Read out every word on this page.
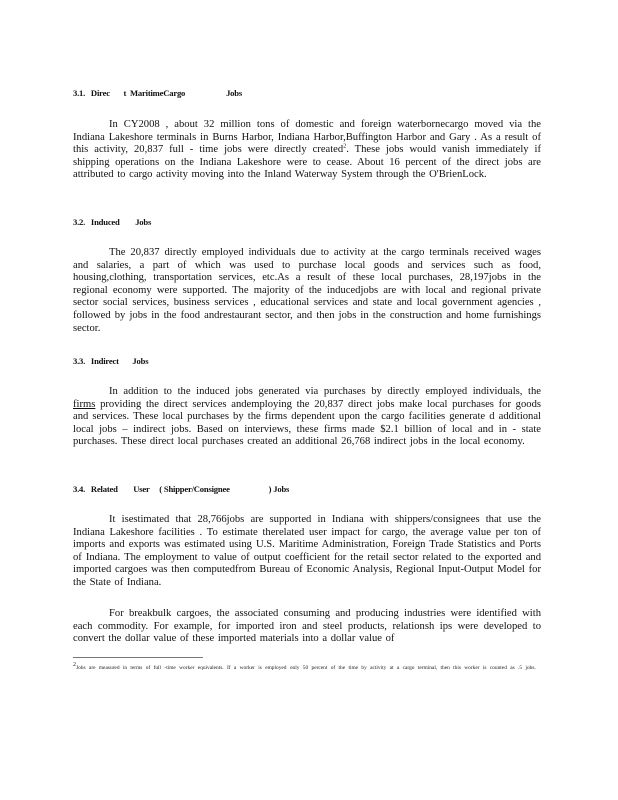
3.1.   Direc       t  MaritimeCargo                     Jobs
In CY2008 , about 32 million tons of domestic and foreign waterbornecargo moved via the Indiana Lakeshore terminals in Burns Harbor, Indiana Harbor,Buffington Harbor and Gary . As a result of this activity, 20,837 full - time jobs were directly created$^2$. These jobs would vanish immediately if shipping operations on the Indiana Lakeshore were to cease. About 16 percent of the direct jobs are attributed to cargo activity moving into the Inland Waterway System through the O'BrienLock.
3.2.   Induced        Jobs
The 20,837 directly employed individuals due to activity at the cargo terminals received wages and salaries, a part of which was used to purchase local goods and services such as food, housing,clothing, transportation services, etc.As a result of these local purchases, 28,197jobs in the regional economy were supported. The majority of the inducedjobs are with local and regional private sector social services, business services , educational services and state and local government agencies , followed by jobs in the food andrestaurant sector, and then jobs in the construction and home furnishings sector.
3.3.   Indirect       Jobs
In addition to the induced jobs generated via purchases by directly employed individuals, the firms providing the direct services andemploying the 20,837 direct jobs make local purchases for goods and services. These local purchases by the firms dependent upon the cargo facilities generate d additional local jobs – indirect jobs. Based on interviews, these firms made $2.1 billion of local and in - state purchases. These direct local purchases created an additional 26,768 indirect jobs in the local economy.
3.4.   Related        User     ( Shipper/Consignee                    ) Jobs
It isestimated that 28,766jobs are supported in Indiana with shippers/consignees that use the Indiana Lakeshore facilities . To estimate therelated user impact for cargo, the average value per ton of imports and exports was estimated using U.S. Maritime Administration, Foreign Trade Statistics and Ports of Indiana. The employment to value of output coefficient for the retail sector related to the exported and imported cargoes was then computedfrom Bureau of Economic Analysis, Regional Input-Output Model for the State of Indiana.
For breakbulk cargoes, the associated consuming and producing industries were identified with each commodity. For example, for imported iron and steel products, relationsh ips were developed to convert the dollar value of these imported materials into a dollar value of
$^2$Jobs are measured in terms of full -time worker equivalents. If a worker is employed only 50 percent of the time by activity at a cargo terminal, then this worker is counted as .5 jobs.
